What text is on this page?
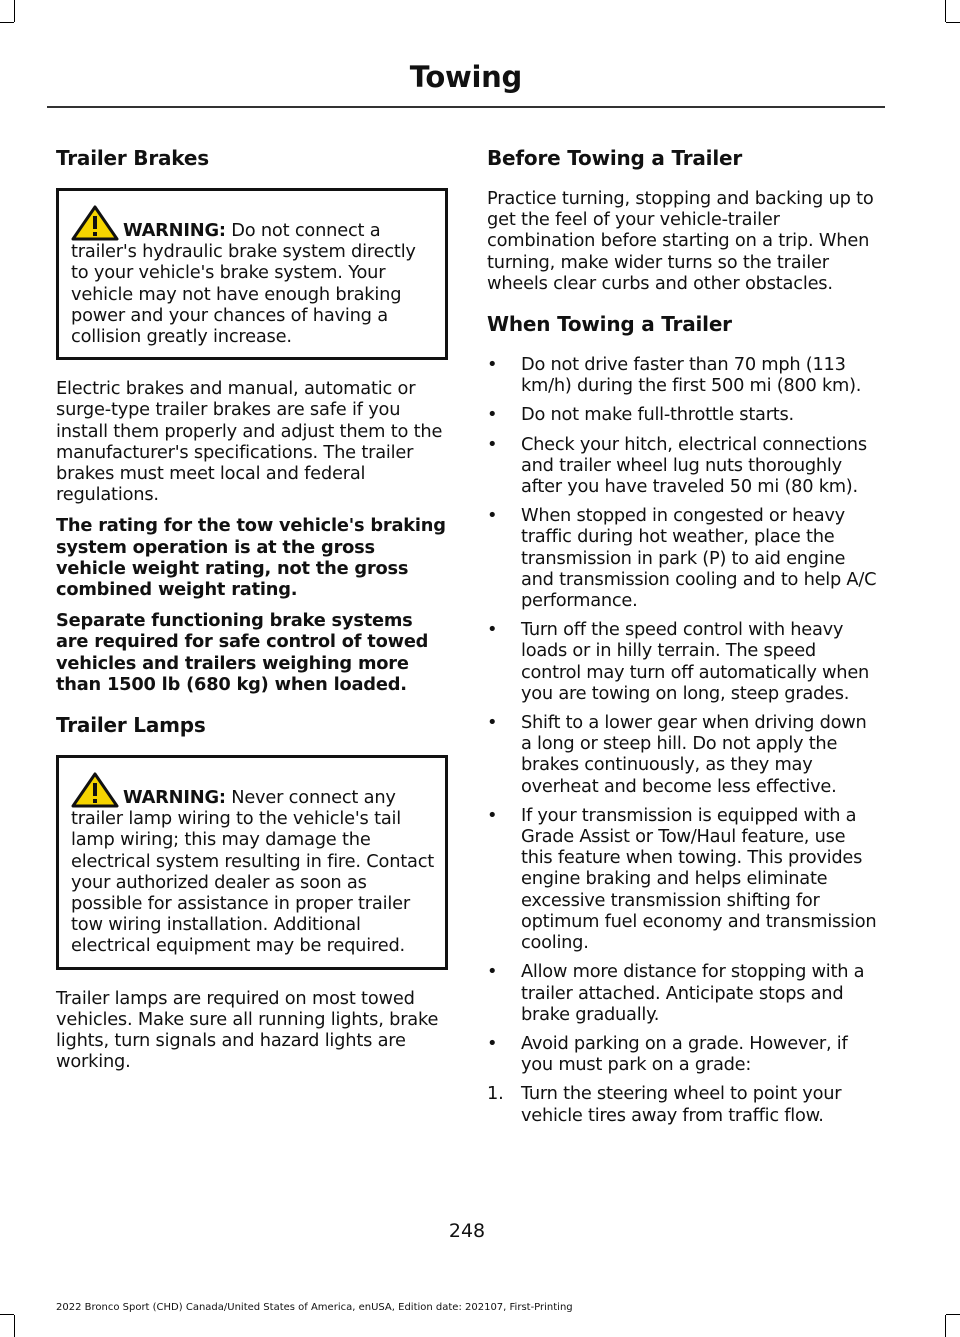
Towing
Trailer Brakes
WARNING: Do not connect a trailer's hydraulic brake system directly to your vehicle's brake system. Your vehicle may not have enough braking power and your chances of having a collision greatly increase.

Electric brakes and manual, automatic or surge-type trailer brakes are safe if you install them properly and adjust them to the manufacturer's specifications. The trailer brakes must meet local and federal regulations.

The rating for the tow vehicle's braking system operation is at the gross vehicle weight rating, not the gross combined weight rating.

Separate functioning brake systems are required for safe control of towed vehicles and trailers weighing more than 1500 lb (680 kg) when loaded.

Trailer Lamps
WARNING: Never connect any trailer lamp wiring to the vehicle's tail lamp wiring; this may damage the electrical system resulting in fire. Contact your authorized dealer as soon as possible for assistance in proper trailer tow wiring installation. Additional electrical equipment may be required.

Trailer lamps are required on most towed vehicles. Make sure all running lights, brake lights, turn signals and hazard lights are working.

Before Towing a Trailer

Practice turning, stopping and backing up to get the feel of your vehicle-trailer combination before starting on a trip. When turning, make wider turns so the trailer wheels clear curbs and other obstacles.

When Towing a Trailer
• Do not drive faster than 70 mph (113 km/h) during the first 500 mi (800 km).
• Do not make full-throttle starts.
• Check your hitch, electrical connections and trailer wheel lug nuts thoroughly after you have traveled 50 mi (80 km).
• When stopped in congested or heavy traffic during hot weather, place the transmission in park (P) to aid engine and transmission cooling and to help A/C performance.
• Turn off the speed control with heavy loads or in hilly terrain. The speed control may turn off automatically when you are towing on long, steep grades.
• Shift to a lower gear when driving down a long or steep hill. Do not apply the brakes continuously, as they may overheat and become less effective.
• If your transmission is equipped with a Grade Assist or Tow/Haul feature, use this feature when towing. This provides engine braking and helps eliminate excessive transmission shifting for optimum fuel economy and transmission cooling.
• Allow more distance for stopping with a trailer attached. Anticipate stops and brake gradually.
• Avoid parking on a grade. However, if you must park on a grade:
1. Turn the steering wheel to point your vehicle tires away from traffic flow.
248
2022 Bronco Sport (CHD) Canada/United States of America, enUSA, Edition date: 202107, First-Printing
